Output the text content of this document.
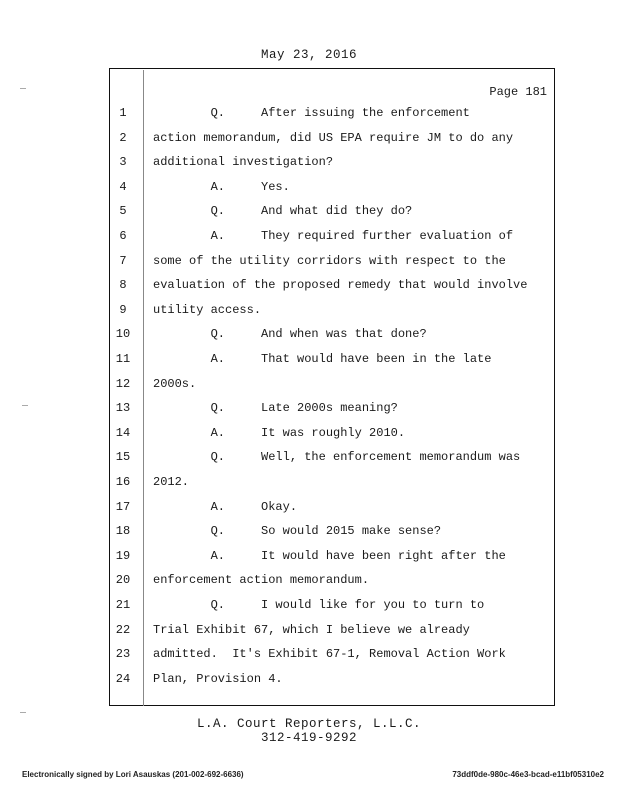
May 23, 2016
Page 181
1	Q.     After issuing the enforcement
2	action memorandum, did US EPA require JM to do any
3	additional investigation?
4	A.     Yes.
5	Q.     And what did they do?
6	A.     They required further evaluation of
7	some of the utility corridors with respect to the
8	evaluation of the proposed remedy that would involve
9	utility access.
10	Q.     And when was that done?
11	A.     That would have been in the late
12	2000s.
13	Q.     Late 2000s meaning?
14	A.     It was roughly 2010.
15	Q.     Well, the enforcement memorandum was
16	2012.
17	A.     Okay.
18	Q.     So would 2015 make sense?
19	A.     It would have been right after the
20	enforcement action memorandum.
21	Q.     I would like for you to turn to
22	Trial Exhibit 67, which I believe we already
23	admitted.  It's Exhibit 67-1, Removal Action Work
24	Plan, Provision 4.
L.A. Court Reporters, L.L.C.
312-419-9292
Electronically signed by Lori Asauskas (201-002-692-6636)	73ddf0de-980c-46e3-bcad-e11bf05310e2
